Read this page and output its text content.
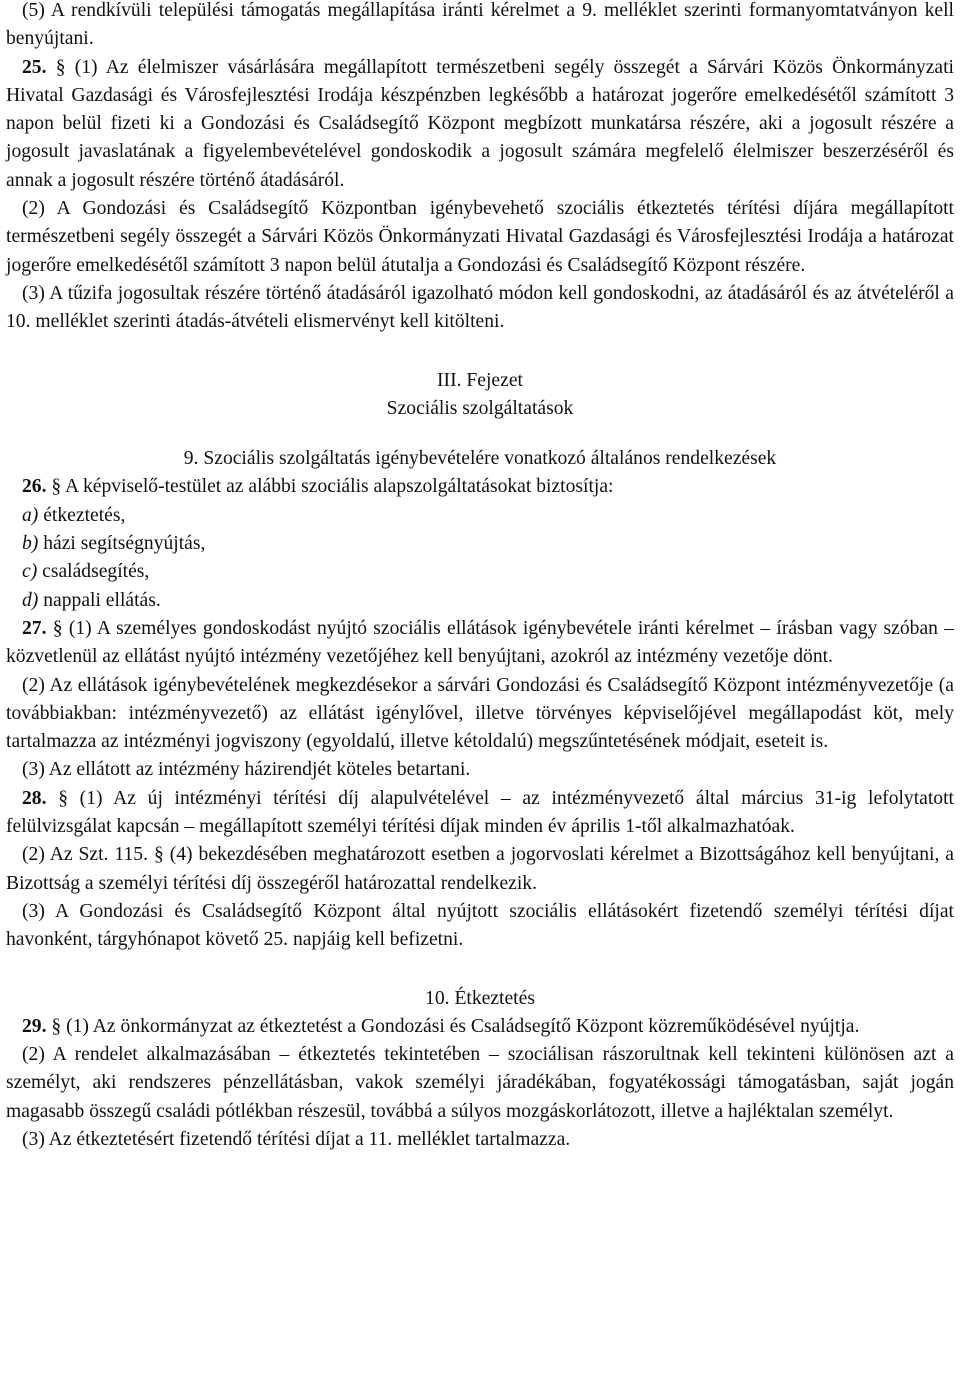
(5) A rendkívüli települési támogatás megállapítása iránti kérelmet a 9. melléklet szerinti formanyomtatványon kell benyújtani.

25. § (1) Az élelmiszer vásárlására megállapított természetbeni segély összegét a Sárvári Közös Önkormányzati Hivatal Gazdasági és Városfejlesztési Irodája készpénzben legkésőbb a határozat jogerőre emelkedésétől számított 3 napon belül fizeti ki a Gondozási és Családsegítő Központ megbízott munkatársa részére, aki a jogosult részére a jogosult javaslatának a figyelembevételével gondoskodik a jogosult számára megfelelő élelmiszer beszerzéséről és annak a jogosult részére történő átadásáról.

(2) A Gondozási és Családsegítő Központban igénybevehető szociális étkeztetés térítési díjára megállapított természetbeni segély összegét a Sárvári Közös Önkormányzati Hivatal Gazdasági és Városfejlesztési Irodája a határozat jogerőre emelkedésétől számított 3 napon belül átutalja a Gondozási és Családsegítő Központ részére.

(3) A tűzifa jogosultak részére történő átadásáról igazolható módon kell gondoskodni, az átadásáról és az átvételéről a 10. melléklet szerinti átadás-átvételi elismervényt kell kitölteni.

III. Fejezet

Szociális szolgáltatások

9. Szociális szolgáltatás igénybevételére vonatkozó általános rendelkezések

26. § A képviselő-testület az alábbi szociális alapszolgáltatásokat biztosítja:

a) étkeztetés,

b) házi segítségnyújtás,

c) családsegítés,

d) nappali ellátás.

27. § (1) A személyes gondoskodást nyújtó szociális ellátások igénybevétele iránti kérelmet – írásban vagy szóban – közvetlenül az ellátást nyújtó intézmény vezetőjéhez kell benyújtani, azokról az intézmény vezetője dönt.

(2) Az ellátások igénybevételének megkezdésekor a sárvári Gondozási és Családsegítő Központ intézményvezetője (a továbbiakban: intézményvezető) az ellátást igénylővel, illetve törvényes képviselőjével megállapodást köt, mely tartalmazza az intézményi jogviszony (egyoldalú, illetve kétoldalú) megszűntetésének módjait, eseteit is.

(3) Az ellátott az intézmény házirendjét köteles betartani.

28. § (1) Az új intézményi térítési díj alapulvételével – az intézményvezető által március 31-ig lefolytatott felülvizsgálat kapcsán – megállapított személyi térítési díjak minden év április 1-től alkalmazhatóak.

(2) Az Szt. 115. § (4) bekezdésében meghatározott esetben a jogorvoslati kérelmet a Bizottságához kell benyújtani, a Bizottság a személyi térítési díj összegéről határozattal rendelkezik.

(3) A Gondozási és Családsegítő Központ által nyújtott szociális ellátásokért fizetendő személyi térítési díjat havonként, tárgyhónapot követő 25. napjáig kell befizetni.

10. Étkeztetés

29. § (1) Az önkormányzat az étkeztetést a Gondozási és Családsegítő Központ közreműködésével nyújtja.

(2) A rendelet alkalmazásában – étkeztetés tekintetében – szociálisan rászorultnak kell tekinteni különösen azt a személyt, aki rendszeres pénzellátásban, vakok személyi járadékában, fogyatékossági támogatásban, saját jogán magasabb összegű családi pótlékban részesül, továbbá a súlyos mozgáskorlátozott, illetve a hajléktalan személyt.

(3) Az étkeztetésért fizetendő térítési díjat a 11. melléklet tartalmazza.
